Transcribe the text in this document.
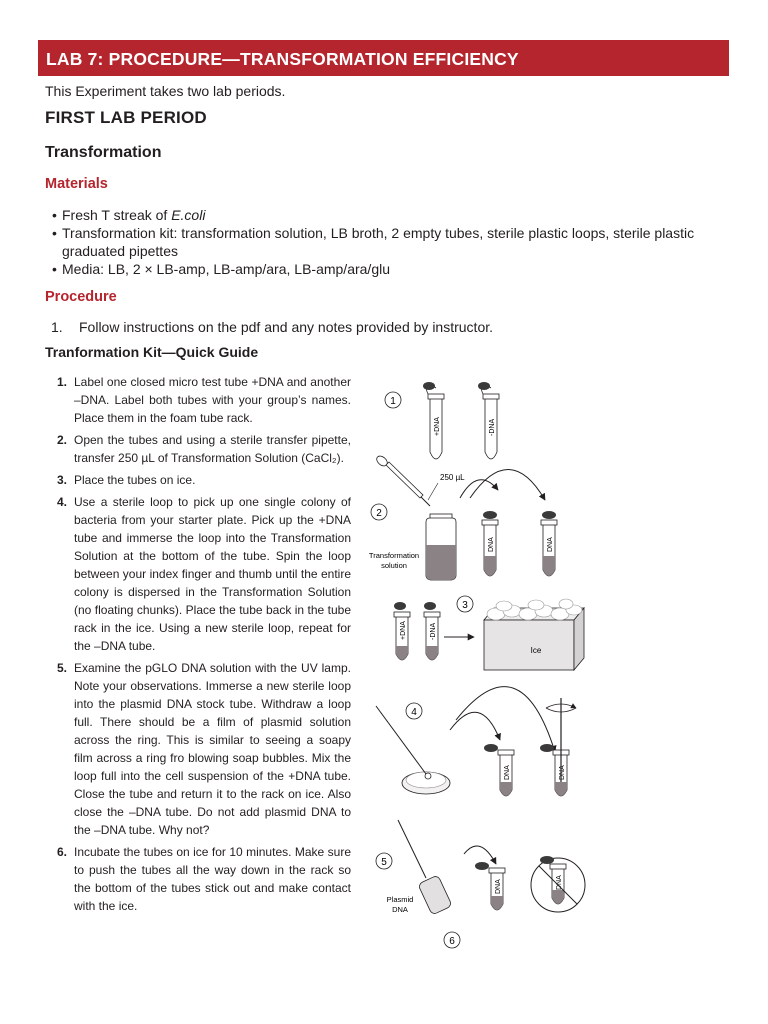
LAB 7: PROCEDURE—TRANSFORMATION EFFICIENCY
This Experiment takes two lab periods.
FIRST LAB PERIOD
Transformation
Materials
• Fresh T streak of E.coli
• Transformation kit: transformation solution, LB broth, 2 empty tubes, sterile plastic loops, sterile plastic graduated pipettes
• Media: LB, 2 × LB-amp, LB-amp/ara, LB-amp/ara/glu
Procedure
1. Follow instructions on the pdf and any notes provided by instructor.
Tranformation Kit—Quick Guide
1. Label one closed micro test tube +DNA and another –DNA. Label both tubes with your group’s names. Place them in the foam tube rack.
2. Open the tubes and using a sterile transfer pipette, transfer 250 µL of Transformation Solution (CaCl₂).
3. Place the tubes on ice.
4. Use a sterile loop to pick up one single colony of bacteria from your starter plate. Pick up the +DNA tube and immerse the loop into the Transformation Solution at the bottom of the tube. Spin the loop between your index finger and thumb until the entire colony is dispersed in the Transformation Solution (no floating chunks). Place the tube back in the tube rack in the ice. Using a new sterile loop, repeat for the –DNA tube.
5. Examine the pGLO DNA solution with the UV lamp. Note your observations. Immerse a new sterile loop into the plasmid DNA stock tube. Withdraw a loop full. There should be a film of plasmid solution across the ring. This is similar to seeing a soapy film across a ring fro blowing soap bubbles. Mix the loop full into the cell suspension of the +DNA tube. Close the tube and return it to the rack on ice. Also close the –DNA tube. Do not add plasmid DNA to the –DNA tube. Why not?
6. Incubate the tubes on ice for 10 minutes. Make sure to push the tubes all the way down in the rack so the bottom of the tubes stick out and make contact with the ice.
1
2
3
4
5
6
+DNA	-DNA
250 µL
Transformation
solution
DNA	DNA
+DNA	-DNA
Ice
DNA	DNA
Plasmid
DNA
DNA	DNA
